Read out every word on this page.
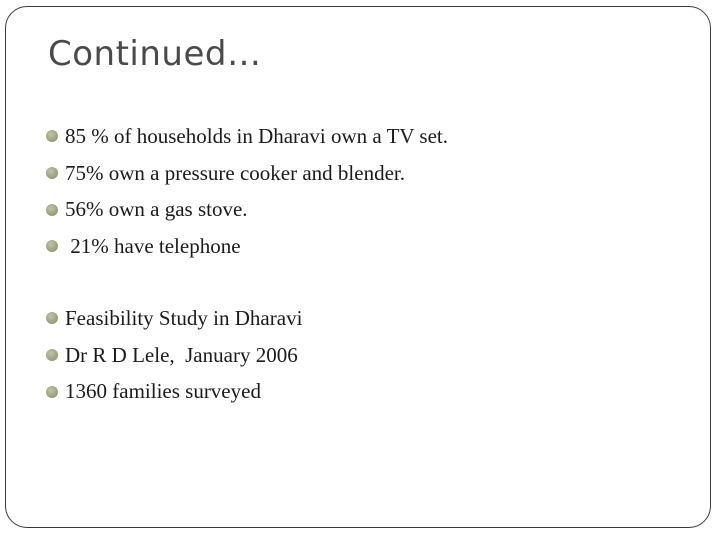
Continued…
85 % of households in Dharavi own a TV set.
75% own a pressure cooker and blender.
56% own a gas stove.
21% have telephone
Feasibility Study in Dharavi
Dr R D Lele,  January 2006
1360 families surveyed
